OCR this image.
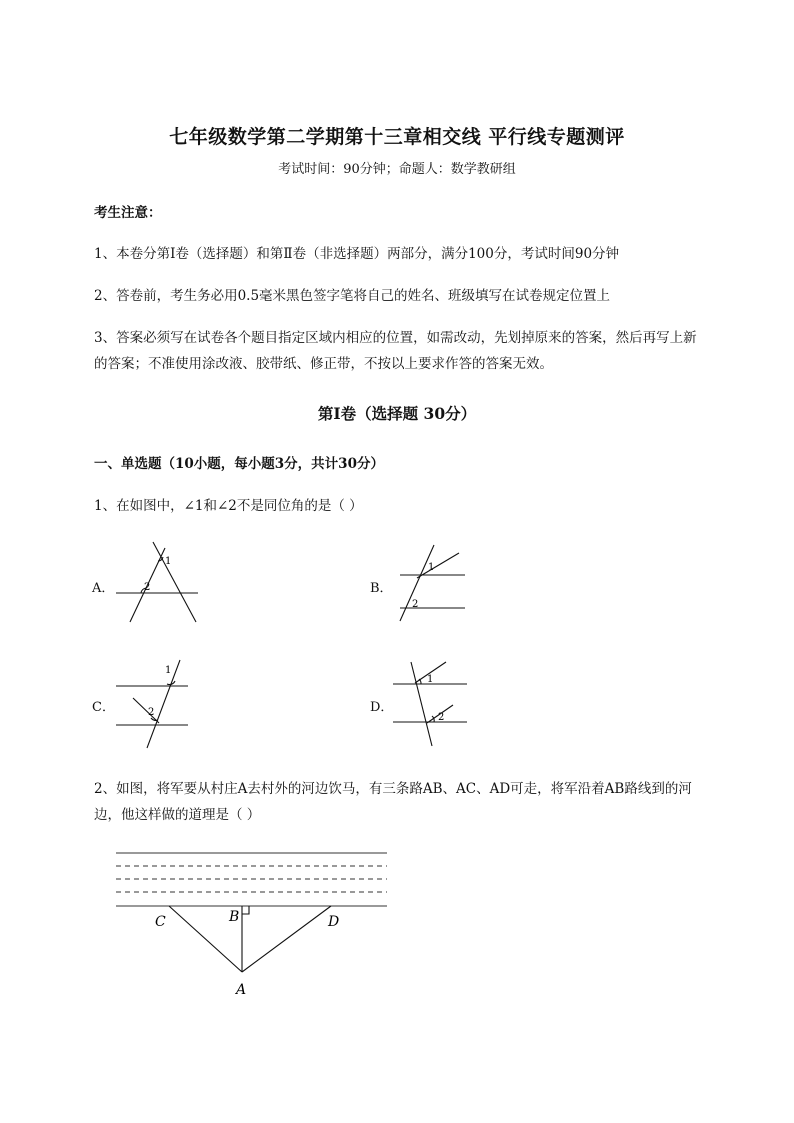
七年级数学第二学期第十三章相交线 平行线专题测评
考试时间：90分钟；命题人：数学教研组
考生注意：
1、本卷分第I卷（选择题）和第Ⅱ卷（非选择题）两部分，满分100分，考试时间90分钟
2、答卷前，考生务必用0.5毫米黑色签字笔将自己的姓名、班级填写在试卷规定位置上
3、答案必须写在试卷各个题目指定区域内相应的位置，如需改动，先划掉原来的答案，然后再写上新
的答案；不准使用涂改液、胶带纸、修正带，不按以上要求作答的答案无效。
第I卷（选择题 30分）
一、单选题（10小题，每小题3分，共计30分）
1、在如图中，∠1和∠2不是同位角的是（ ）
A．	B．
C．	D．
1
2
1
2
1
2
1
2
2、如图，将军要从村庄A去村外的河边饮马，有三条路AB、AC、AD可走，将军沿着AB路线到的河
边，他这样做的道理是（ ）
C	B	D
A
